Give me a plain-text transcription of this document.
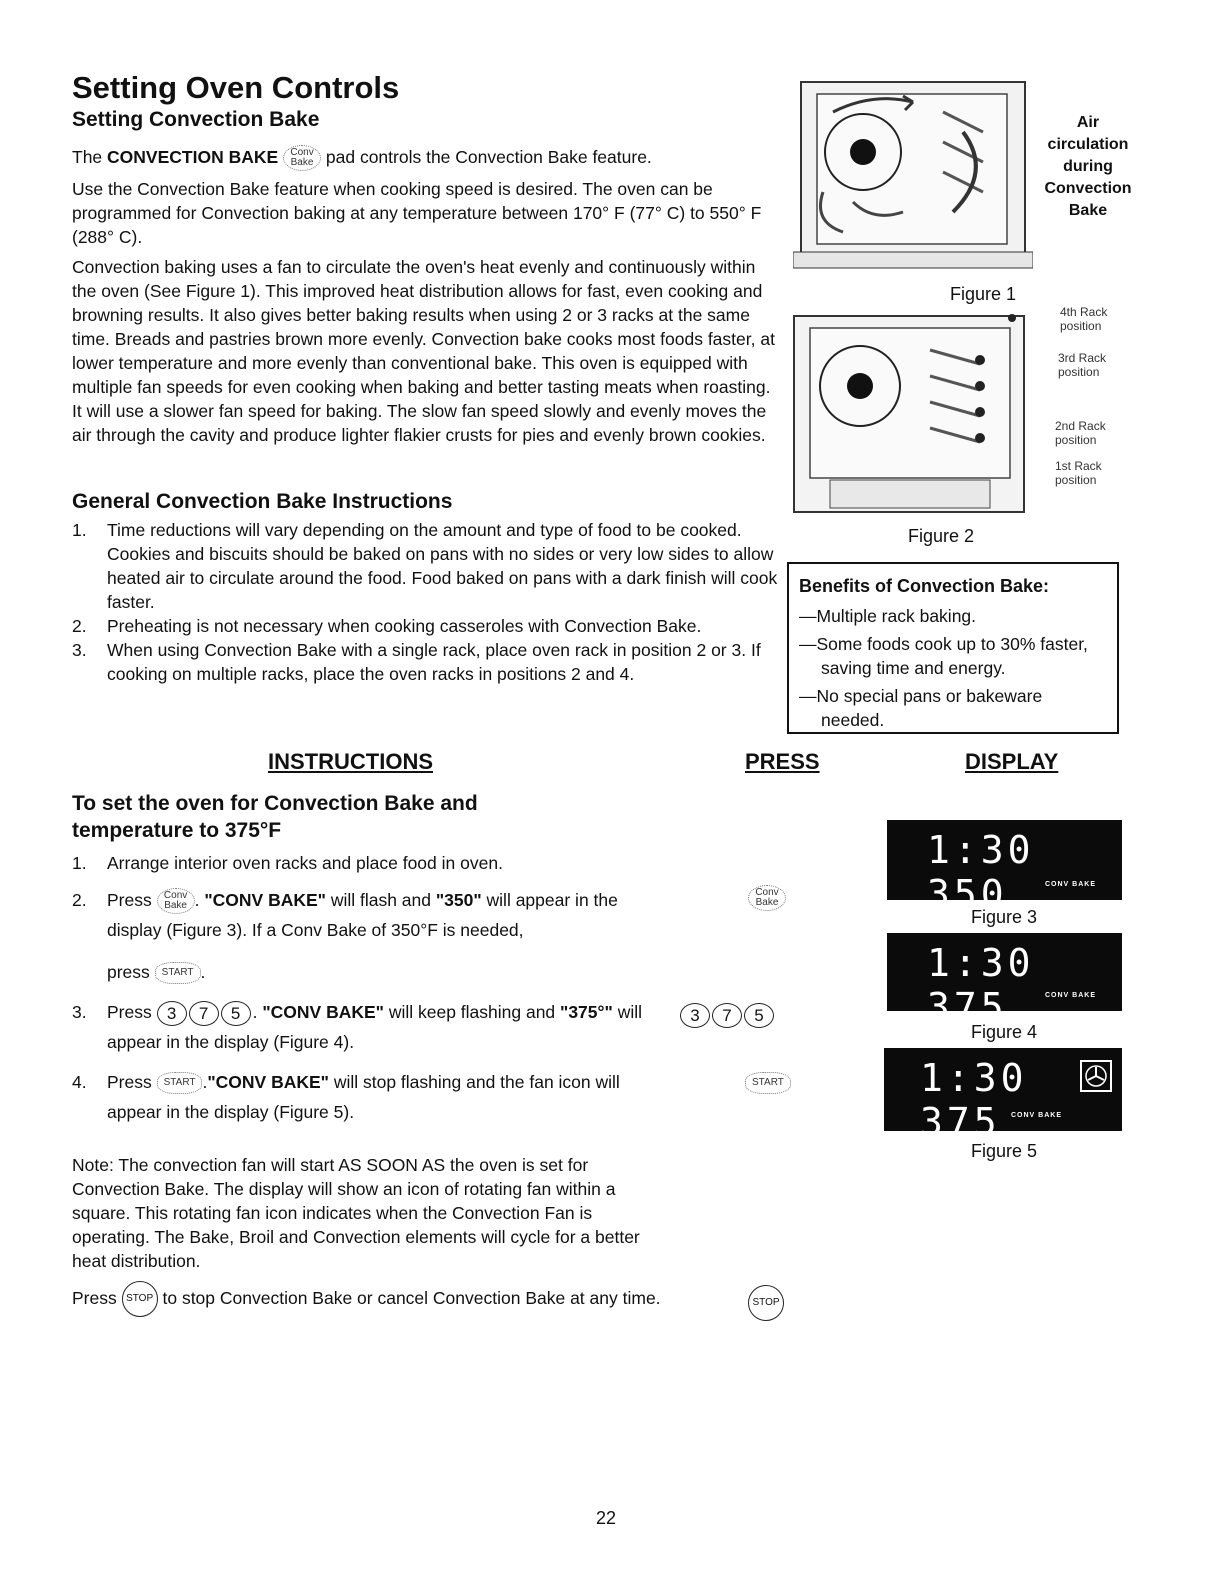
Setting Oven Controls
Setting Convection Bake

The CONVECTION BAKE Conv Bake pad controls the Convection Bake feature.

Use the Convection Bake feature when cooking speed is desired. The oven can be programmed for Convection baking at any temperature between 170° F (77° C) to 550° F (288° C).

Convection baking uses a fan to circulate the oven's heat evenly and continuously within the oven (See Figure 1). This improved heat distribution allows for fast, even cooking and browning results. It also gives better baking results when using 2 or 3 racks at the same time. Breads and pastries brown more evenly. Convection bake cooks most foods faster, at lower temperature and more evenly than conventional bake. This oven is equipped with multiple fan speeds for even cooking when baking and better tasting meats when roasting. It will use a slower fan speed for baking. The slow fan speed slowly and evenly moves the air through the cavity and produce lighter flakier crusts for pies and evenly brown cookies.

General Convection Bake Instructions
1. Time reductions will vary depending on the amount and type of food to be cooked. Cookies and biscuits should be baked on pans with no sides or very low sides to allow heated air to circulate around the food. Food baked on pans with a dark finish will cook faster.
2. Preheating is not necessary when cooking casseroles with Convection Bake.
3. When using Convection Bake with a single rack, place oven rack in position 2 or 3. If cooking on multiple racks, place the oven racks in positions 2 and 4.
Air circulation during Convection Bake
Figure 1
4th Rack position
3rd Rack position
2nd Rack position
1st Rack position
Figure 2

Benefits of Convection Bake:

—Multiple rack baking.

—Some foods cook up to 30% faster, saving time and energy.

—No special pans or bakeware needed.

INSTRUCTIONS	PRESS	DISPLAY
To set the oven for Convection Bake and temperature to 375°F
1. Arrange interior oven racks and place food in oven.
2. Press Conv Bake . "CONV BAKE" will flash and "350" will appear in the display (Figure 3). If a Conv Bake of 350°F is needed,
press START .
3. Press 3 7 5 . "CONV BAKE" will keep flashing and "375°" will appear in the display (Figure 4).
4. Press START ."CONV BAKE" will stop flashing and the fan icon will appear in the display (Figure 5).
Conv Bake
3 7 5
START
STOP
1:30 350	CONV BAKE
Figure 3
1:30 375	CONV BAKE
Figure 4
1:30 375	CONV BAKE
Figure 5
Note: The convection fan will start AS SOON AS the oven is set for Convection Bake. The display will show an icon of rotating fan within a square. This rotating fan icon indicates when the Convection Fan is operating. The Bake, Broil and Convection elements will cycle for a better heat distribution.
Press STOP to stop Convection Bake or cancel Convection Bake at any time.
22
